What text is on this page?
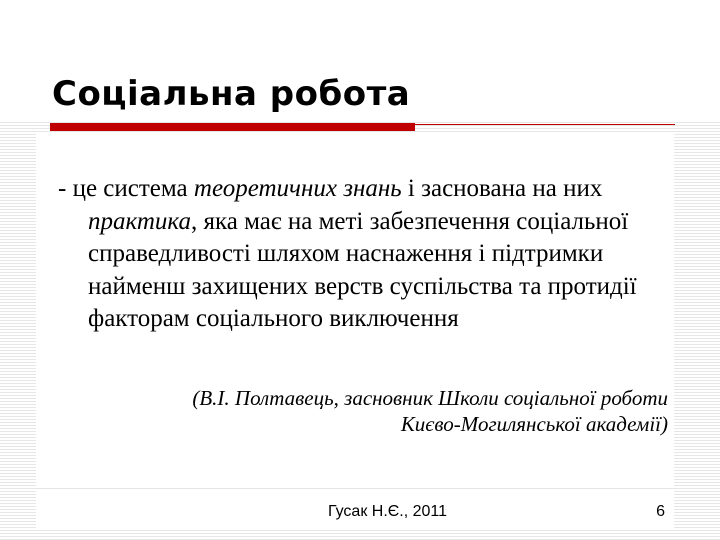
Соціальна робота
- це система теоретичних знань і заснована на них практика, яка має на меті забезпечення соціальної справедливості шляхом наснаження і підтримки найменш захищених верств суспільства та протидії факторам соціального виключення
(В.І. Полтавець, засновник Школи соціальної роботи
Києво-Могилянської академії)
Гусак Н.Є., 2011	6
